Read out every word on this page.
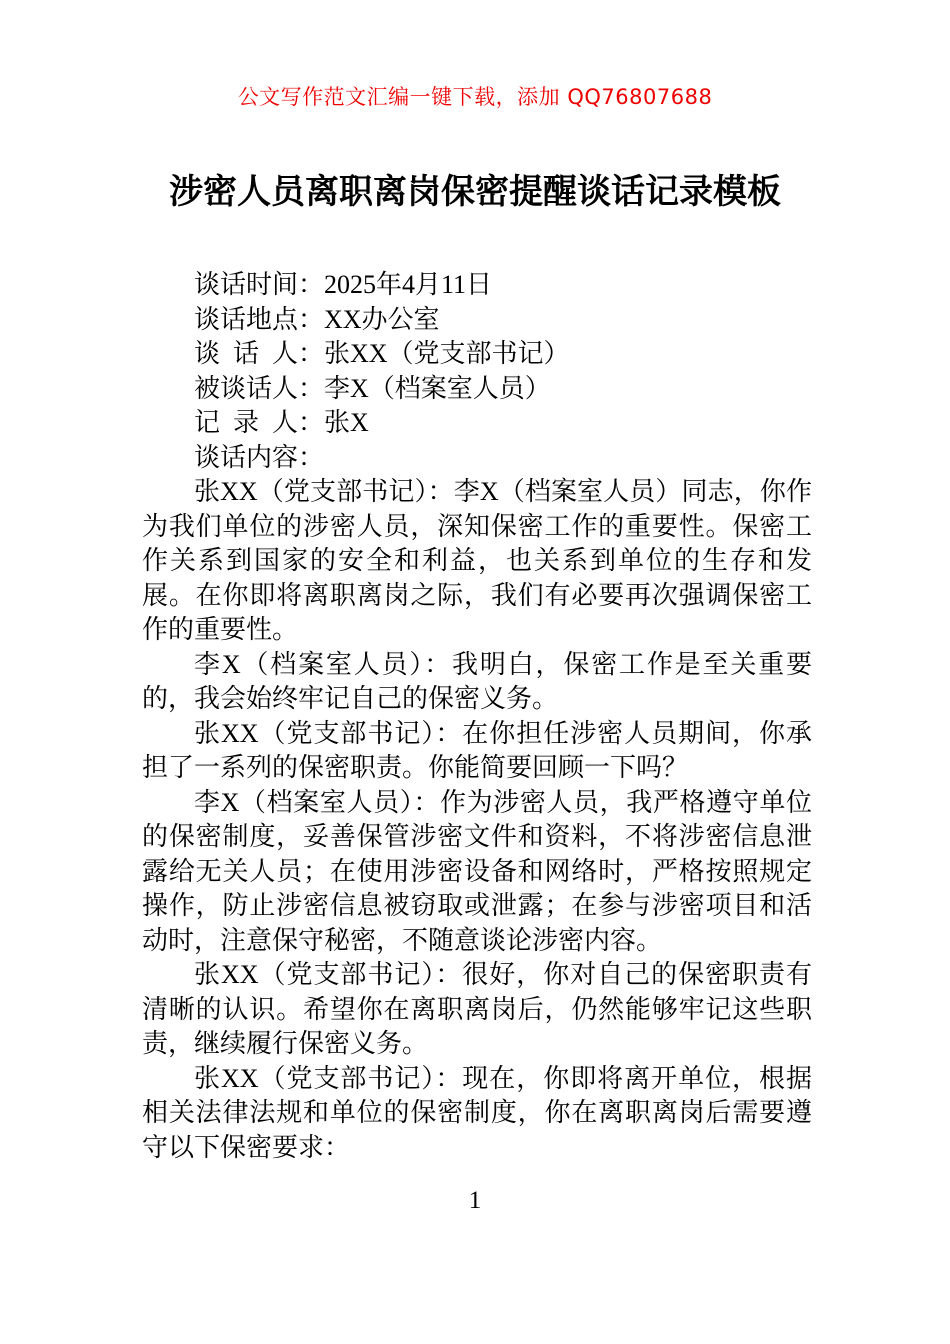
公文写作范文汇编一键下载，添加 QQ76807688
涉密人员离职离岗保密提醒谈话记录模板

谈话时间：2025年4月11日

谈话地点：XX办公室

谈  话  人：张XX（党支部书记）

被谈话人：李X（档案室人员）

记  录  人：张X

谈话内容：

张XX（党支部书记）：李X（档案室人员）同志，你作为我们单位的涉密人员，深知保密工作的重要性。保密工作关系到国家的安全和利益，也关系到单位的生存和发展。在你即将离职离岗之际，我们有必要再次强调保密工作的重要性。

李X（档案室人员）：我明白，保密工作是至关重要的，我会始终牢记自己的保密义务。

张XX（党支部书记）：在你担任涉密人员期间，你承担了一系列的保密职责。你能简要回顾一下吗？

李X（档案室人员）：作为涉密人员，我严格遵守单位的保密制度，妥善保管涉密文件和资料，不将涉密信息泄露给无关人员；在使用涉密设备和网络时，严格按照规定操作，防止涉密信息被窃取或泄露；在参与涉密项目和活动时，注意保守秘密，不随意谈论涉密内容。

张XX（党支部书记）：很好，你对自己的保密职责有清晰的认识。希望你在离职离岗后，仍然能够牢记这些职责，继续履行保密义务。

张XX（党支部书记）：现在，你即将离开单位，根据相关法律法规和单位的保密制度，你在离职离岗后需要遵守以下保密要求：

1
